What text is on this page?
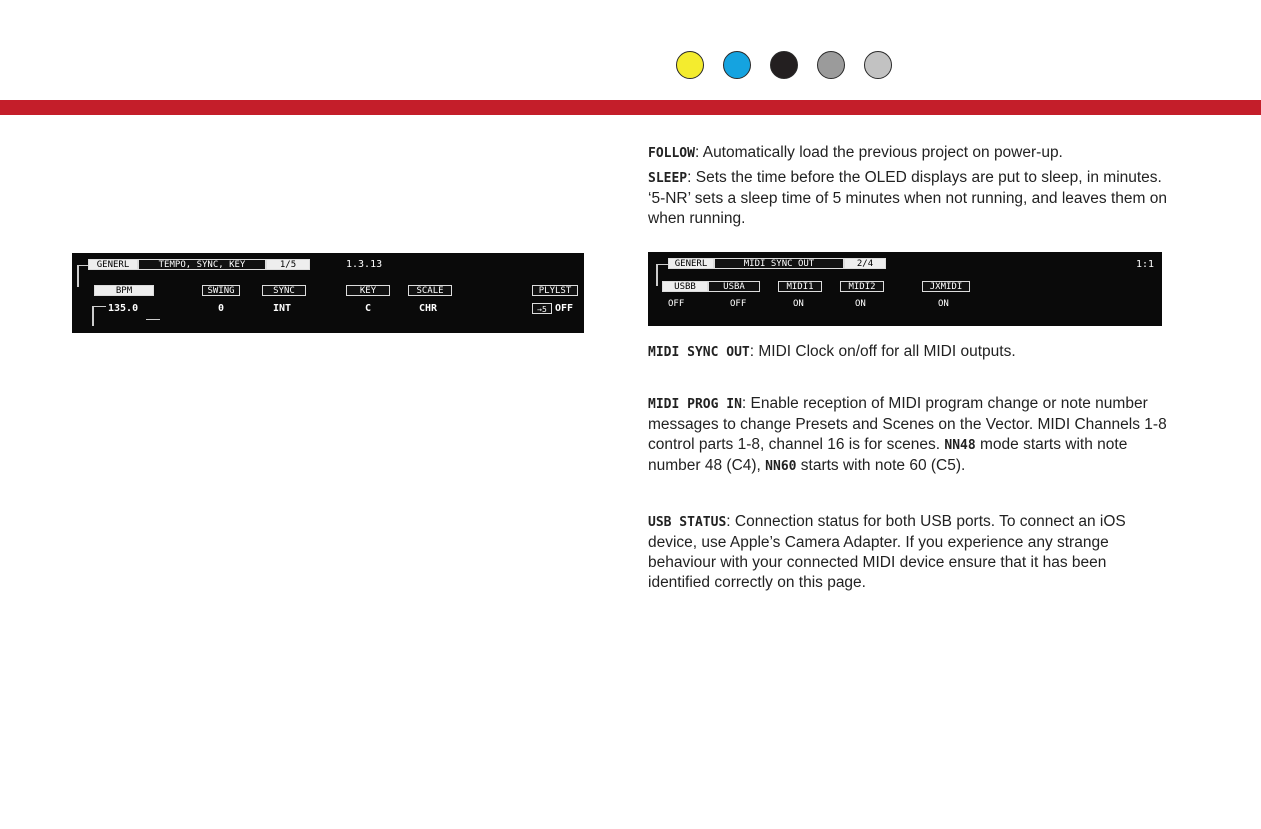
The GLOBALS pages have a wide range of configuration options for the Vector. There are three main sections: GENERL, PARTS, and ROUTING. Use Prev & Next to move between them. Use encoder 9 to dial through the pages of each section. This page covers general settings, Routing is on the next page, and Parts are covered on pages 14 & 15.

GENERL	TEMPO, SYNC, KEY	1/5	1.3.13
BPM	SWING	SYNC	KEY	SCALE	PLYLST
135.0	0	INT	C	CHR	→5 OFF

TEMPO, SYNC, KEY: Set the global tempo, swing amount, sync mode, key and scale. This is also where you turn the Preset Playlist on and off. For more on sync, see External Sync on page 14.

TUNING: You can load up to 2 tunings in MTS format from the SD card. For more on tunings, see page X.

MISC-ellanious settings:

AUTO LD: Automatically load the previous project on power-up.

AUTO SV: Automatically save the current project each

time the Vector is stopped.

ENC SW: Sets the behavior of the Encoder switches:

NORM: Follow the behavior of the white keys on the mini-keyboard.

GATE: Add or remove gates to sequence steps.

SKIP, MUTE, SEL : Skip, Mute or Select sequence steps.

PART: Pick which of the 8 Parts to edit.

OFF: Do nothing.

FOLLOW: Automatically load the previous project on power-up.

SLEEP: Sets the time before the OLED displays are put to sleep, in minutes. ‘5-NR’ sets a sleep time of 5 minutes when not running, and leaves them on when running.

GENERL	MIDI SYNC OUT	2/4	1:1
USBB	USBA	MIDI1	MIDI2	JXMIDI
OFF	OFF	ON	ON	ON

MIDI SYNC OUT: MIDI Clock on/off for all MIDI outputs.

MIDI PROG IN: Enable reception of MIDI program change or note number messages to change Presets and Scenes on the Vector. MIDI Channels 1-8 control parts 1-8, channel 16 is for scenes. NN48 mode starts with note number 48 (C4), NN60 starts with note 60 (C5).

USB STATUS: Connection status for both USB ports. To connect an iOS device, use Apple’s Camera Adapter. If you experience any strange behaviour with your connected MIDI device ensure that it has been identified correctly on this page.
